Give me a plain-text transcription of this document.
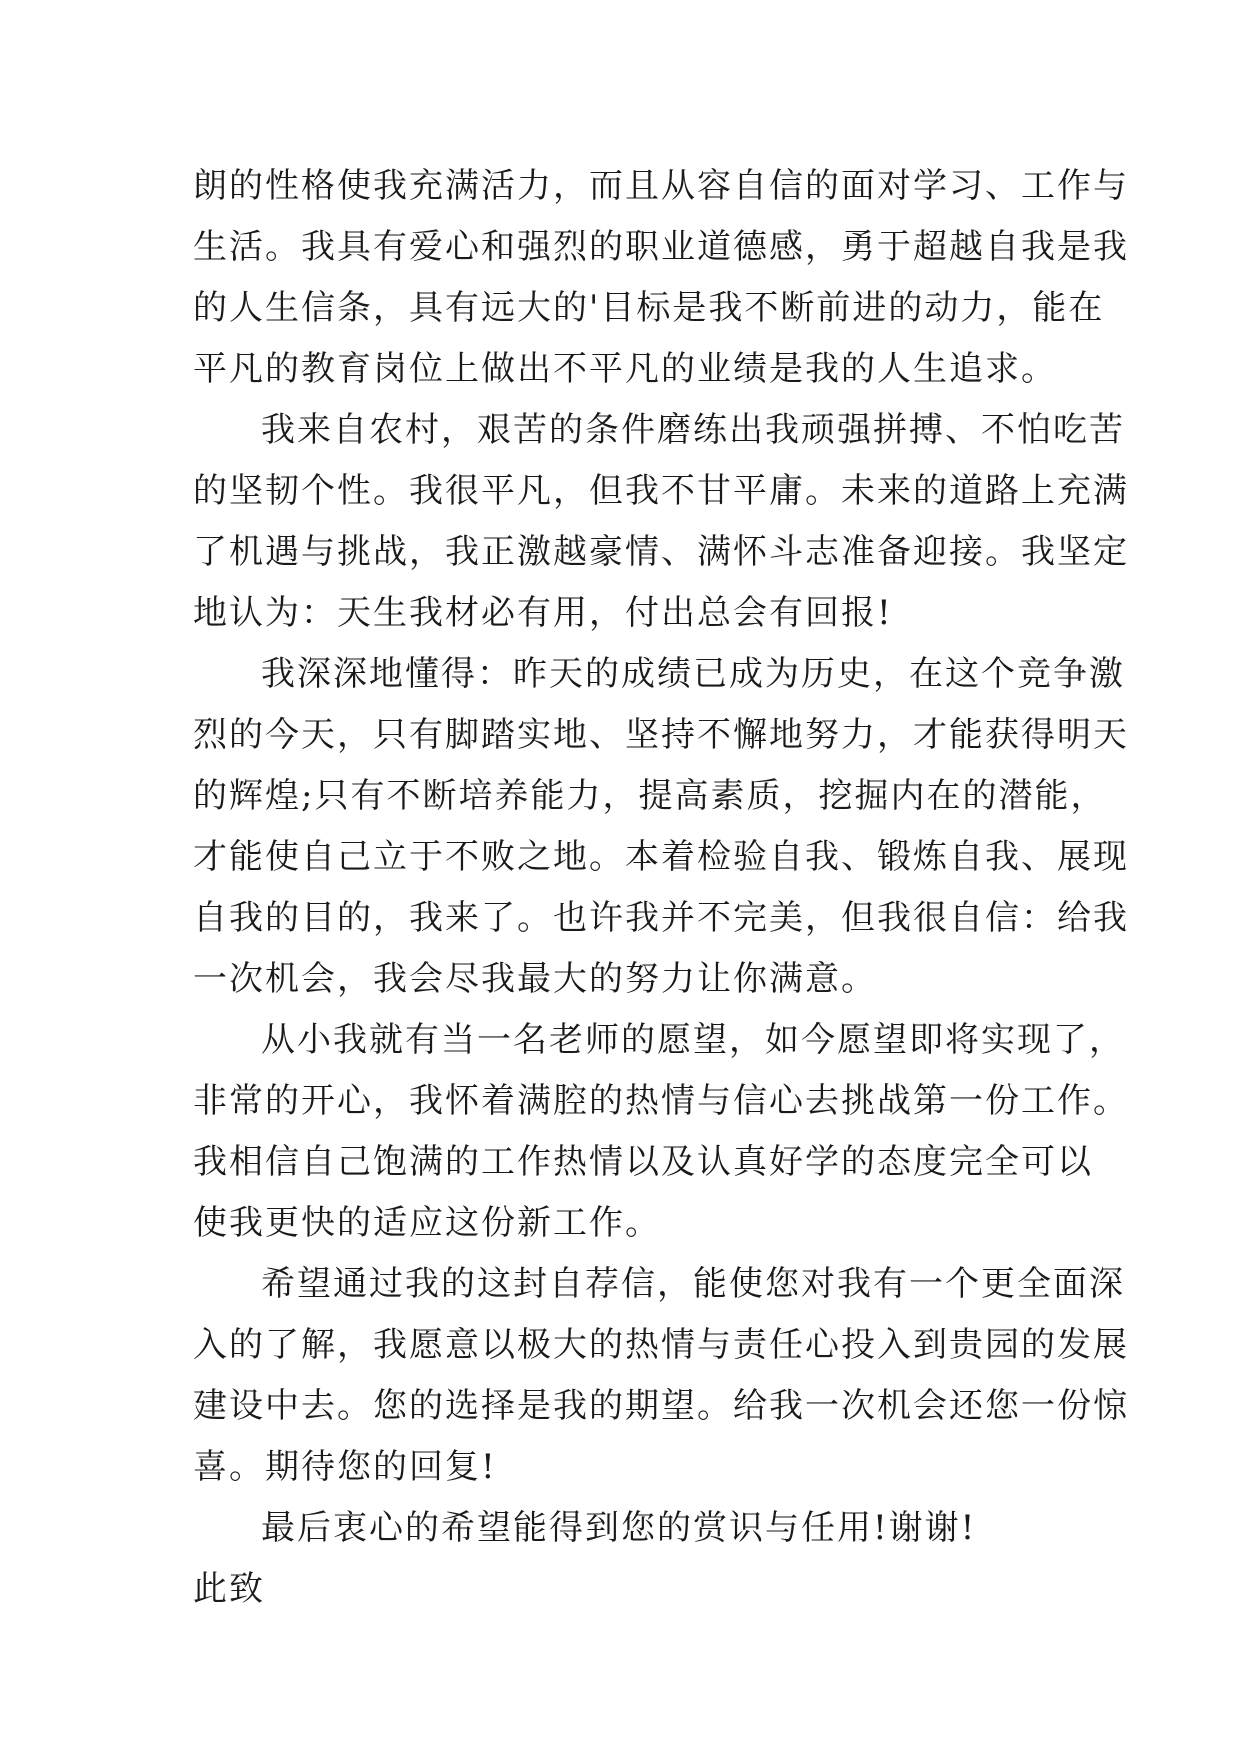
朗的性格使我充满活力，而且从容自信的面对学习、工作与

生活。我具有爱心和强烈的职业道德感，勇于超越自我是我

的人生信条，具有远大的'目标是我不断前进的动力，能在

平凡的教育岗位上做出不平凡的业绩是我的人生追求。

我来自农村，艰苦的条件磨练出我顽强拼搏、不怕吃苦

的坚韧个性。我很平凡，但我不甘平庸。未来的道路上充满

了机遇与挑战，我正激越豪情、满怀斗志准备迎接。我坚定

地认为：天生我材必有用，付出总会有回报!

我深深地懂得：昨天的成绩已成为历史，在这个竞争激

烈的今天，只有脚踏实地、坚持不懈地努力，才能获得明天

的辉煌;只有不断培养能力，提高素质，挖掘内在的潜能，

才能使自己立于不败之地。本着检验自我、锻炼自我、展现

自我的目的，我来了。也许我并不完美，但我很自信：给我

一次机会，我会尽我最大的努力让你满意。

从小我就有当一名老师的愿望，如今愿望即将实现了，

非常的开心，我怀着满腔的热情与信心去挑战第一份工作。

我相信自己饱满的工作热情以及认真好学的态度完全可以

使我更快的适应这份新工作。

希望通过我的这封自荐信，能使您对我有一个更全面深

入的了解，我愿意以极大的热情与责任心投入到贵园的发展

建设中去。您的选择是我的期望。给我一次机会还您一份惊

喜。期待您的回复!

最后衷心的希望能得到您的赏识与任用!谢谢!

此致
